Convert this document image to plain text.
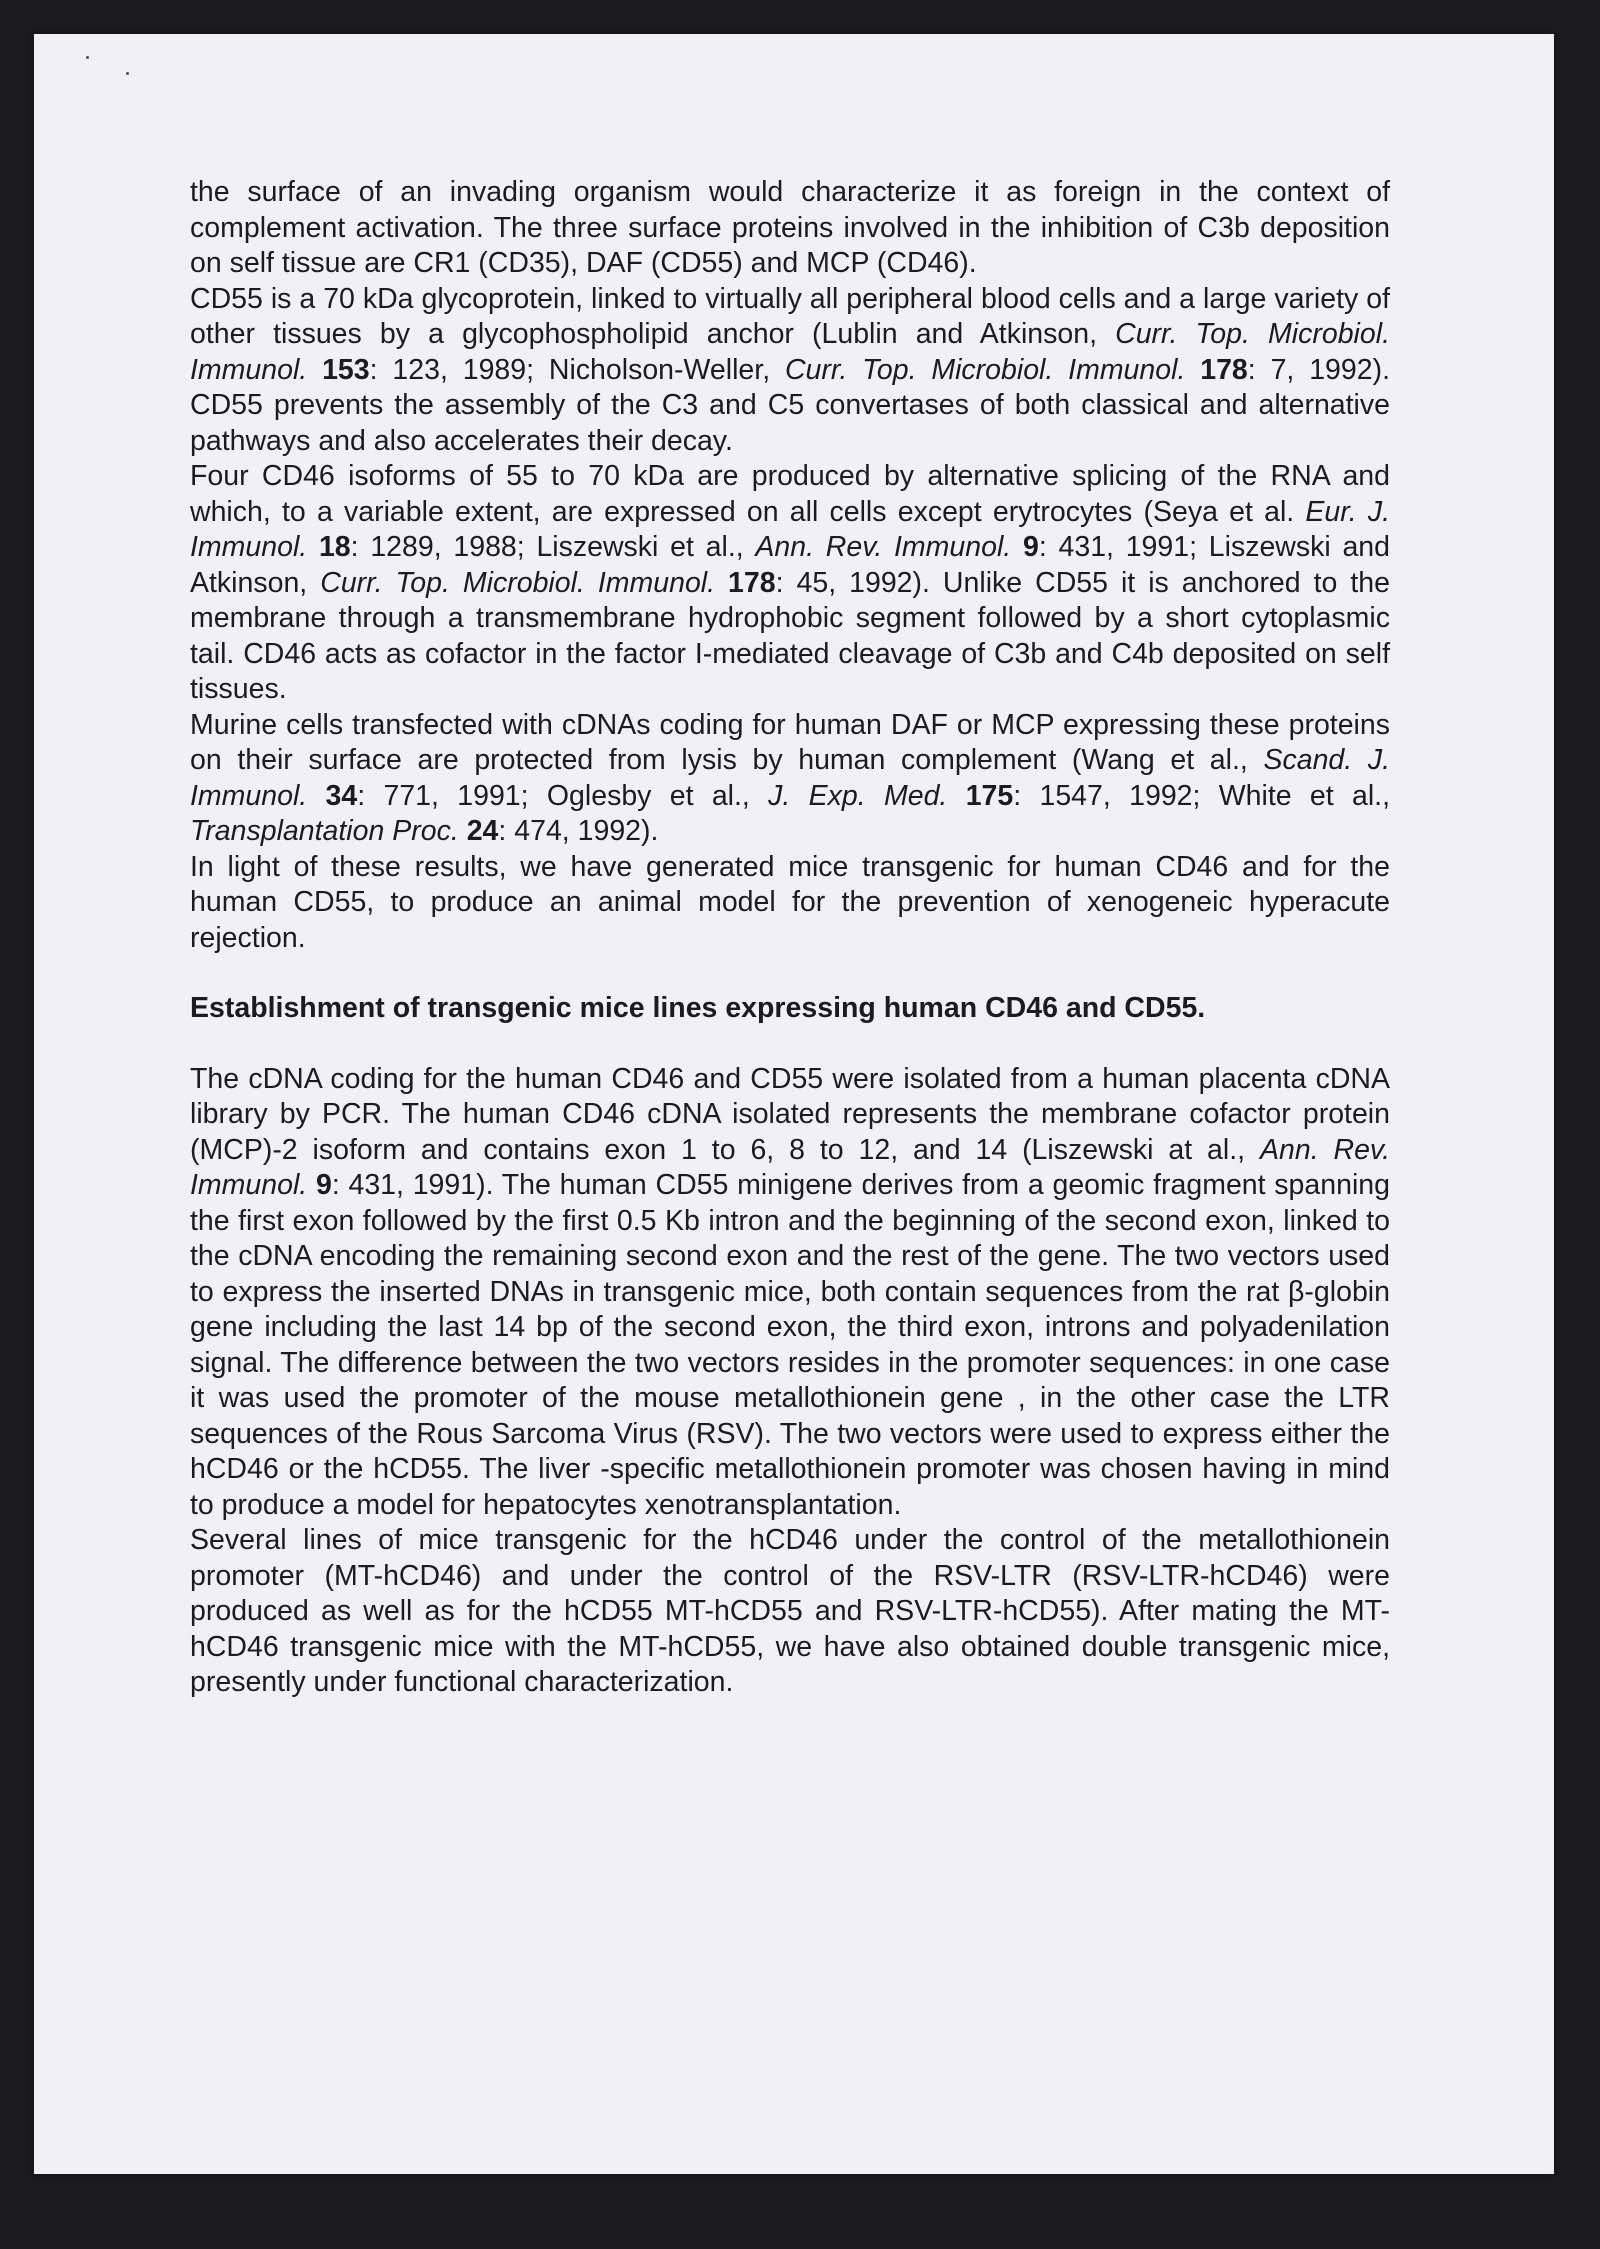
the surface of an invading organism would characterize it as foreign in the context of complement activation. The three surface proteins involved in the inhibition of C3b deposition on self tissue are CR1 (CD35), DAF (CD55) and MCP (CD46).

CD55 is a 70 kDa glycoprotein, linked to virtually all peripheral blood cells and a large variety of other tissues by a glycophospholipid anchor (Lublin and Atkinson, Curr. Top. Microbiol. Immunol. 153: 123, 1989; Nicholson-Weller, Curr. Top. Microbiol. Immunol. 178: 7, 1992). CD55 prevents the assembly of the C3 and C5 convertases of both classical and alternative pathways and also accelerates their decay.

Four CD46 isoforms of 55 to 70 kDa are produced by alternative splicing of the RNA and which, to a variable extent, are expressed on all cells except erytrocytes (Seya et al. Eur. J. Immunol. 18: 1289, 1988; Liszewski et al., Ann. Rev. Immunol. 9: 431, 1991; Liszewski and Atkinson, Curr. Top. Microbiol. Immunol. 178: 45, 1992). Unlike CD55 it is anchored to the membrane through a transmembrane hydrophobic segment followed by a short cytoplasmic tail. CD46 acts as cofactor in the factor I-mediated cleavage of C3b and C4b deposited on self tissues.

Murine cells transfected with cDNAs coding for human DAF or MCP expressing these proteins on their surface are protected from lysis by human complement (Wang et al., Scand. J. Immunol. 34: 771, 1991; Oglesby et al., J. Exp. Med. 175: 1547, 1992; White et al., Transplantation Proc. 24: 474, 1992).

In light of these results, we have generated mice transgenic for human CD46 and for the human CD55, to produce an animal model for the prevention of xenogeneic hyperacute rejection.

Establishment of transgenic mice lines expressing human CD46 and CD55.

The cDNA coding for the human CD46 and CD55 were isolated from a human placenta cDNA library by PCR. The human CD46 cDNA isolated represents the membrane cofactor protein (MCP)-2 isoform and contains exon 1 to 6, 8 to 12, and 14 (Liszewski at al., Ann. Rev. Immunol. 9: 431, 1991). The human CD55 minigene derives from a geomic fragment spanning the first exon followed by the first 0.5 Kb intron and the beginning of the second exon, linked to the cDNA encoding the remaining second exon and the rest of the gene. The two vectors used to express the inserted DNAs in transgenic mice, both contain sequences from the rat β-globin gene including the last 14 bp of the second exon, the third exon, introns and polyadenilation signal. The difference between the two vectors resides in the promoter sequences: in one case it was used the promoter of the mouse metallothionein gene , in the other case the LTR sequences of the Rous Sarcoma Virus (RSV). The two vectors were used to express either the hCD46 or the hCD55. The liver -specific metallothionein promoter was chosen having in mind to produce a model for hepatocytes xenotransplantation.

Several lines of mice transgenic for the hCD46 under the control of the metallothionein promoter (MT-hCD46) and under the control of the RSV-LTR (RSV-LTR-hCD46) were produced as well as for the hCD55 MT-hCD55 and RSV-LTR-hCD55). After mating the MT-hCD46 transgenic mice with the MT-hCD55, we have also obtained double transgenic mice, presently under functional characterization.
